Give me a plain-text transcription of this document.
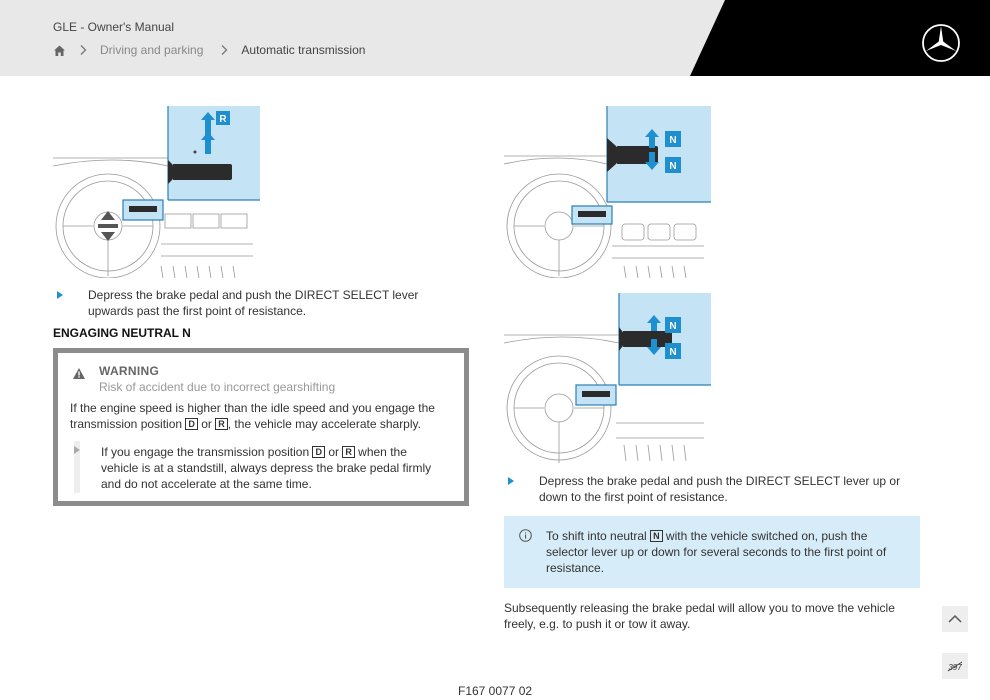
GLE - Owner's Manual
Driving and parking	Automatic transmission
R
Depress the brake pedal and push the DIRECT SELECT lever upwards past the first point of resistance.
ENGAGING NEUTRAL N
WARNING
Risk of accident due to incorrect gearshifting
If the engine speed is higher than the idle speed and you engage the transmission position D or R , the vehicle may accelerate sharply.
If you engage the transmission position D or R when the vehicle is at a standstill, always depress the brake pedal firmly and do not accelerate at the same time.
N
N
N
N
Depress the brake pedal and push the DIRECT SELECT lever up or down to the first point of resistance.
To shift into neutral N with the vehicle switched on, push the selector lever up or down for several seconds to the first point of resistance.
Subsequently releasing the brake pedal will allow you to move the vehicle freely, e.g. to push it or tow it away.
397
F167 0077 02
